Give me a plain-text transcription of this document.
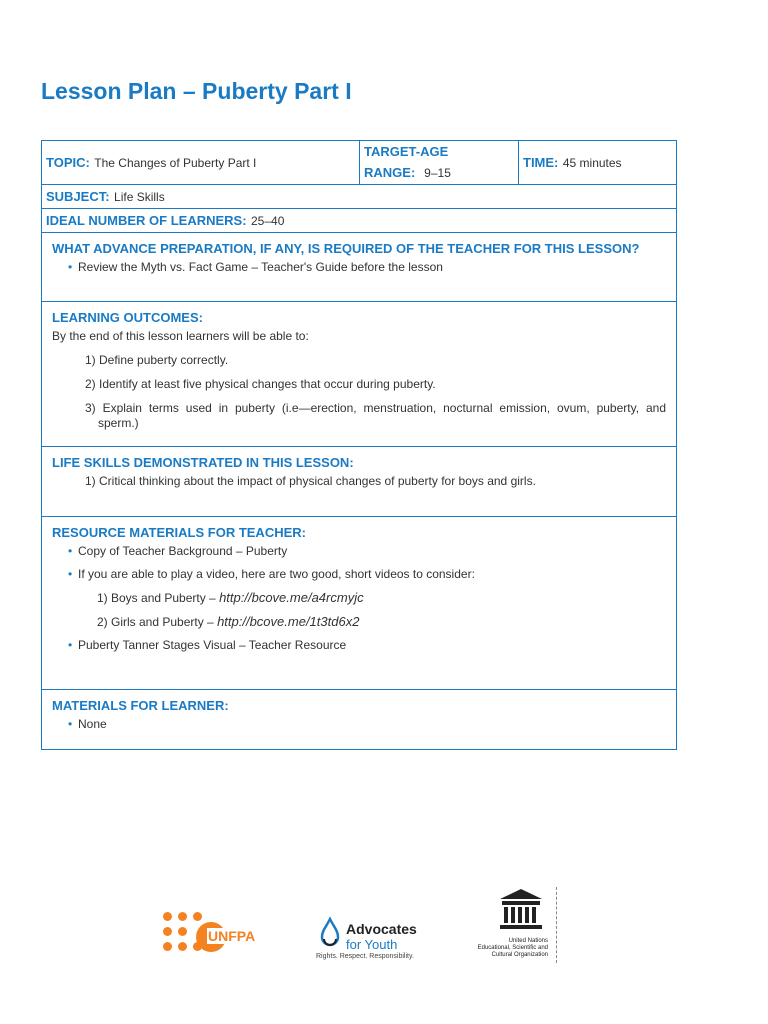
Lesson Plan – Puberty Part I
TOPIC:
The Changes of Puberty Part I
TARGET-AGE
RANGE: 9–15
TIME:
45 minutes
SUBJECT:
Life Skills
IDEAL NUMBER OF LEARNERS:
25–40
WHAT ADVANCE PREPARATION, IF ANY, IS REQUIRED OF THE TEACHER FOR THIS LESSON?
• Review the Myth vs. Fact Game – Teacher's Guide before the lesson
LEARNING OUTCOMES:
By the end of this lesson learners will be able to:
1) Define puberty correctly.
2) Identify at least five physical changes that occur during puberty.
3) Explain terms used in puberty (i.e—erection, menstruation, nocturnal emission, ovum, puberty, and sperm.)
LIFE SKILLS DEMONSTRATED IN THIS LESSON:
1) Critical thinking about the impact of physical changes of puberty for boys and girls.
RESOURCE MATERIALS FOR TEACHER:
• Copy of Teacher Background – Puberty
• If you are able to play a video, here are two good, short videos to consider:
1) Boys and Puberty – http://bcove.me/a4rcmyjc
2) Girls and Puberty – http://bcove.me/1t3td6x2
• Puberty Tanner Stages Visual – Teacher Resource
MATERIALS FOR LEARNER:
• None
UNFPA	Advocates
for Youth
Rights. Respect. Responsibility.
United Nations
Educational, Scientific and
Cultural Organization
